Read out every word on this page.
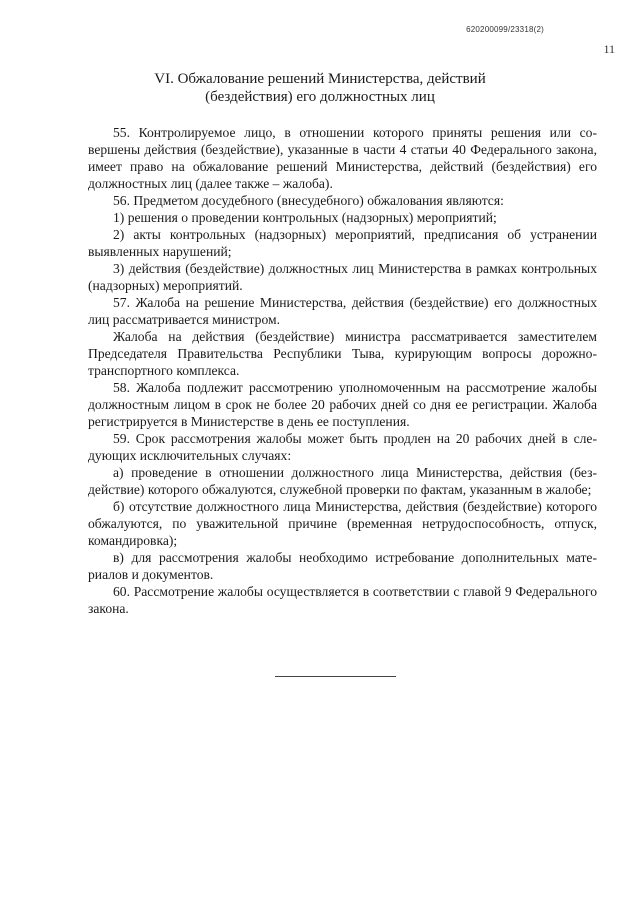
620200099/23318(2)
11
VI. Обжалование решений Министерства, действий
(бездействия) его должностных лиц

55. Контролируемое лицо, в отношении которого приняты решения или совершены действия (бездействие), указанные в части 4 статьи 40 Федерального закона, имеет право на обжалование решений Министерства, действий (бездействия) его должностных лиц (далее также – жалоба).

56. Предметом досудебного (внесудебного) обжалования являются:

1) решения о проведении контрольных (надзорных) мероприятий;

2) акты контрольных (надзорных) мероприятий, предписания об устранении выявленных нарушений;

3) действия (бездействие) должностных лиц Министерства в рамках контрольных (надзорных) мероприятий.

57. Жалоба на решение Министерства, действия (бездействие) его должностных лиц рассматривается министром.

Жалоба на действия (бездействие) министра рассматривается заместителем Председателя Правительства Республики Тыва, курирующим вопросы дорожнотранспортного комплекса.

58. Жалоба подлежит рассмотрению уполномоченным на рассмотрение жалобы должностным лицом в срок не более 20 рабочих дней со дня ее регистрации. Жалоба регистрируется в Министерстве в день ее поступления.

59. Срок рассмотрения жалобы может быть продлен на 20 рабочих дней в следующих исключительных случаях:

а) проведение в отношении должностного лица Министерства, действия (бездействие) которого обжалуются, служебной проверки по фактам, указанным в жалобе;

б) отсутствие должностного лица Министерства, действия (бездействие) которого обжалуются, по уважительной причине (временная нетрудоспособность, отпуск, командировка);

в) для рассмотрения жалобы необходимо истребование дополнительных материалов и документов.

60. Рассмотрение жалобы осуществляется в соответствии с главой 9 Федерального закона.
